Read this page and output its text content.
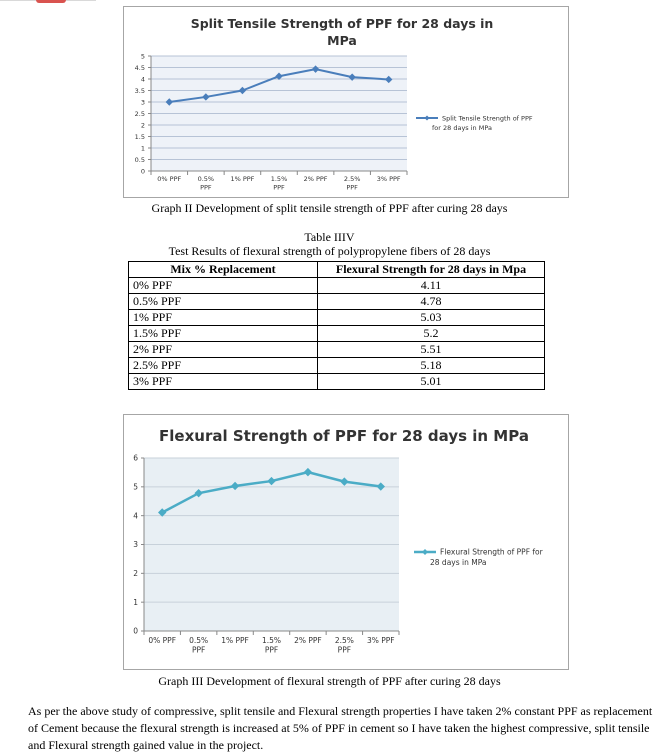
Split Tensile Strength of PPF for 28 days in
MPa
0
0.5
1
1.5
2
2.5
3
3.5
4
4.5
5
0% PPF	0.5% PPF
1% PPF	1.5% PPF
2% PPF	2.5% PPF
3% PPF
Split Tensile Strength of PPF for 28 days in MPa
Graph II Development of split tensile strength of PPF after curing 28 days
Table IIIV
Test Results of flexural strength of polypropylene fibers of 28 days
Mix % Replacement	Flexural Strength for 28 days in Mpa
0% PPF	4.11
0.5% PPF	4.78
1% PPF	5.03
1.5% PPF	5.2
2% PPF	5.51
2.5% PPF	5.18
3% PPF	5.01
Flexural Strength of PPF for 28 days in MPa
0
1
2
3
4
5
6
0% PPF 0.5% PPF
1% PPF 1.5% PPF
2% PPF 2.5% PPF
3% PPF
Flexural Strength of PPF for 28 days in MPa
Graph III Development of flexural strength of PPF after curing 28 days
As per the above study of compressive, split tensile and Flexural strength properties I have taken 2% constant PPF as replacement of Cement because the flexural strength is increased at 5% of PPF in cement so I have taken the highest compressive, split tensile and Flexural strength gained value in the project.
